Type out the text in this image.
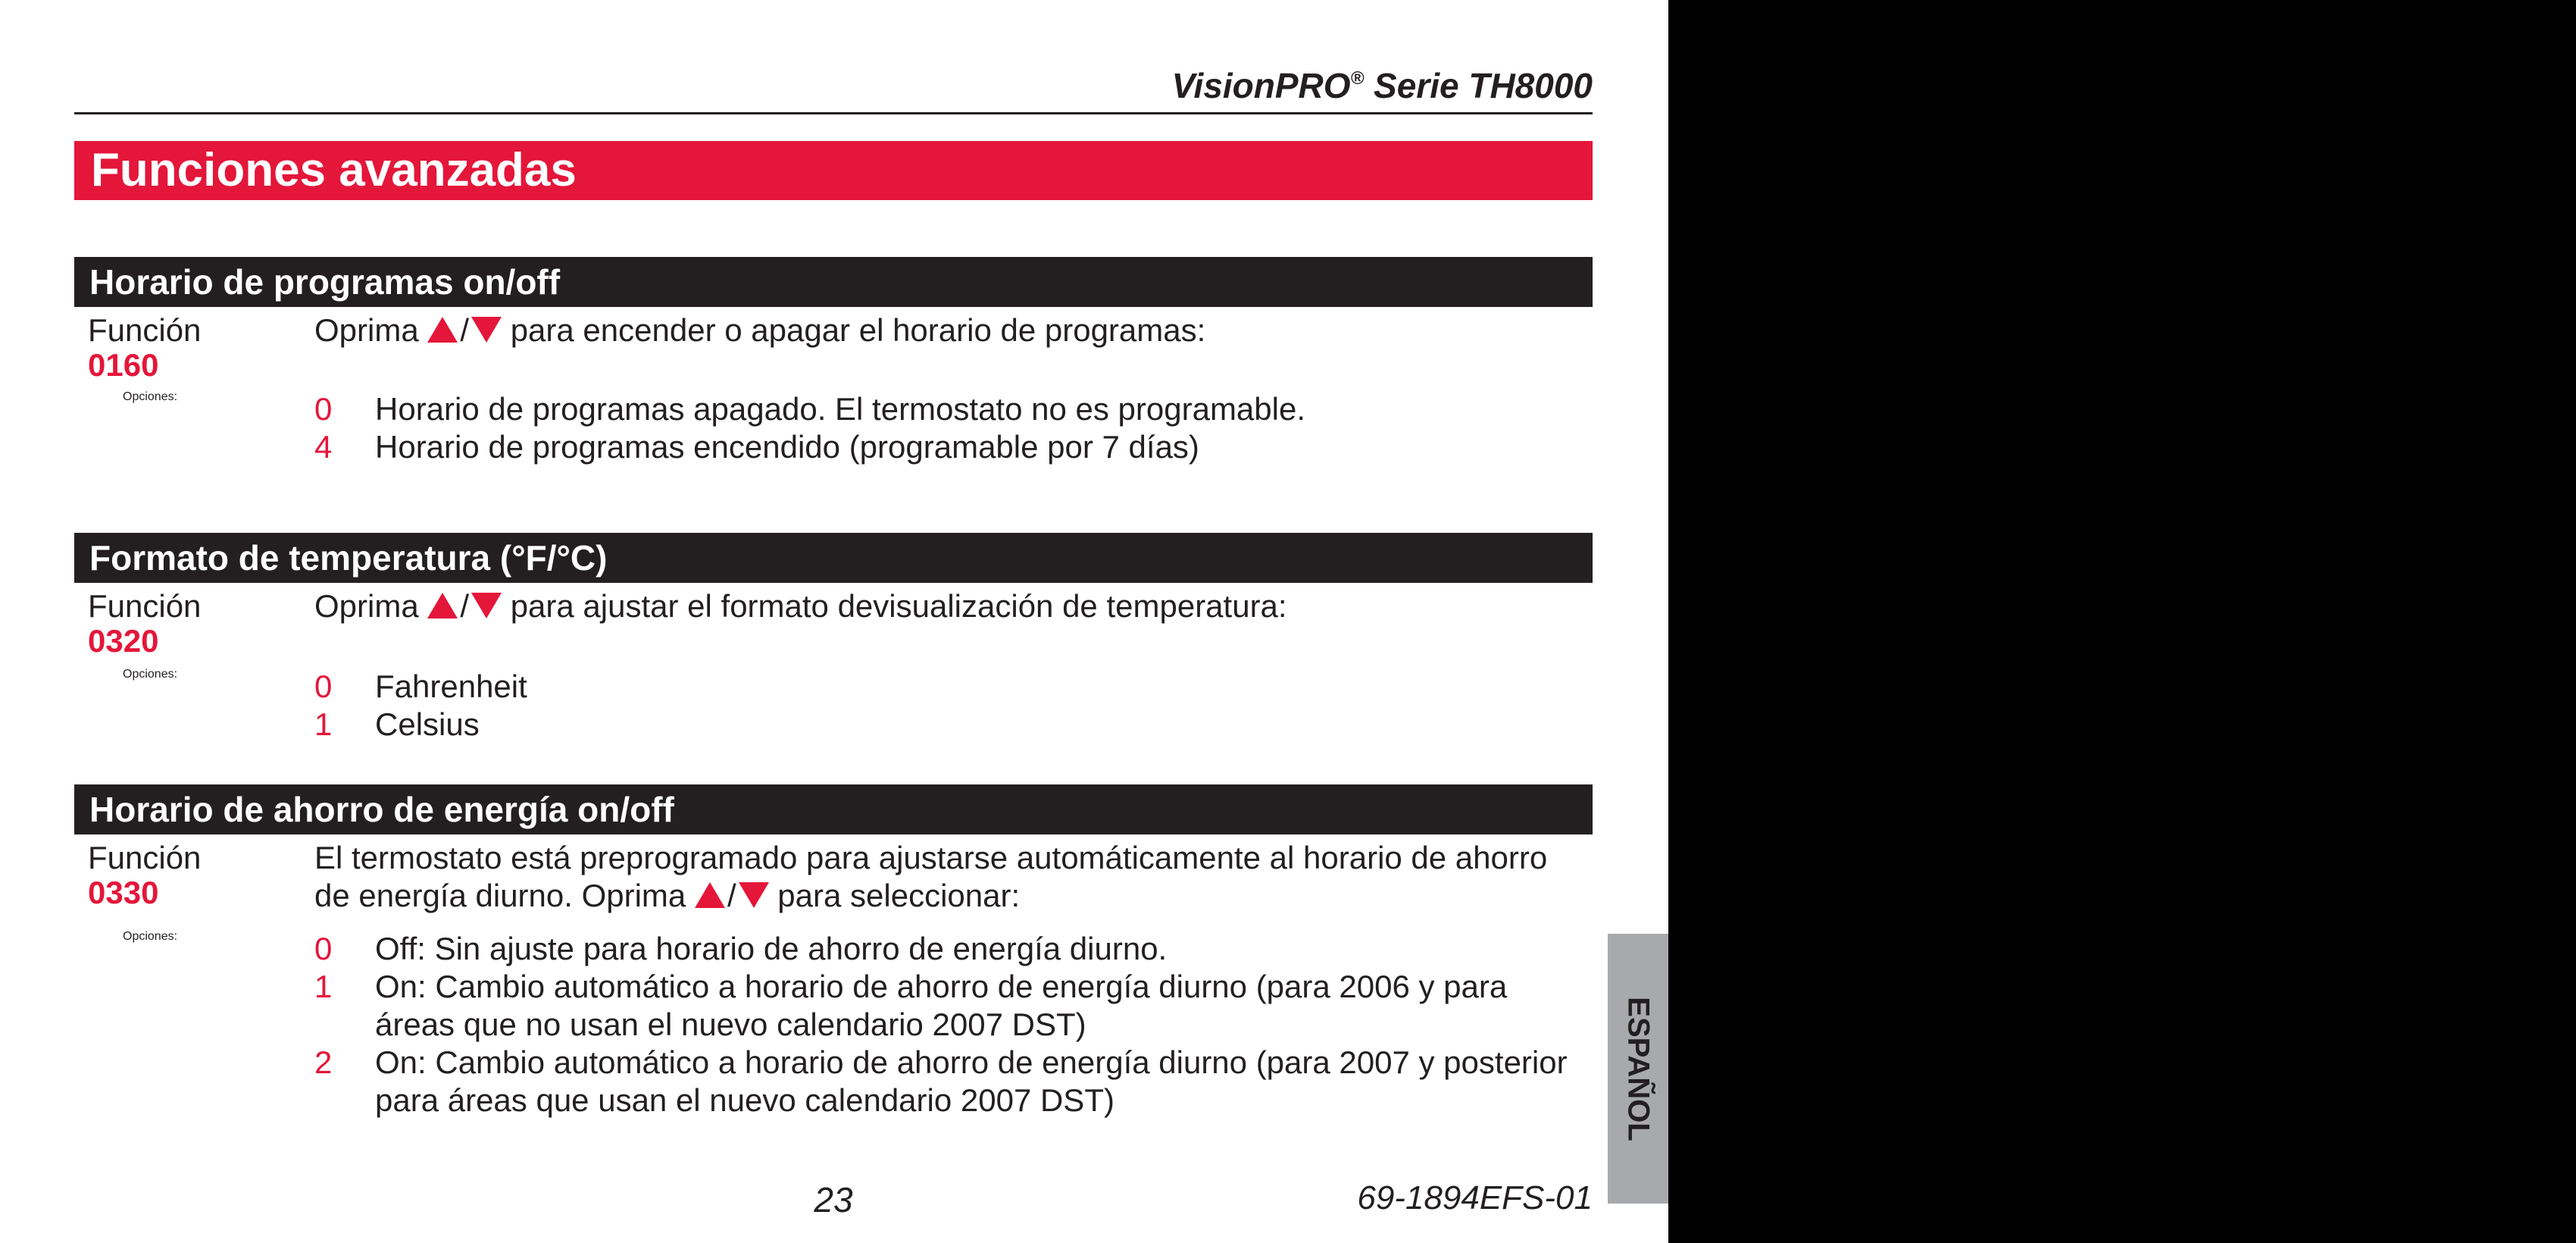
VisionPRO® Serie TH8000
Funciones avanzadas
Horario de programas on/off
Función
0160
Oprima / para encender o apagar el horario de programas:
Opciones:	0	Horario de programas apagado. El termostato no es programable.
4	Horario de programas encendido (programable por 7 días)
Formato de temperatura (°F/°C)
Función
0320
Oprima / para ajustar el formato devisualización de temperatura:
Opciones:	0	Fahrenheit
1	Celsius
Horario de ahorro de energía on/off
Función
0330
El termostato está preprogramado para ajustarse automáticamente al horario de ahorro de energía diurno. Oprima / para seleccionar:
Opciones:	0	Off: Sin ajuste para horario de ahorro de energía diurno.
1	On: Cambio automático a horario de ahorro de energía diurno (para 2006 y para áreas que no usan el nuevo calendario 2007 DST)
2	On: Cambio automático a horario de ahorro de energía diurno (para 2007 y posterior para áreas que usan el nuevo calendario 2007 DST)
23	69-1894EFS-01
ESPAÑOL
